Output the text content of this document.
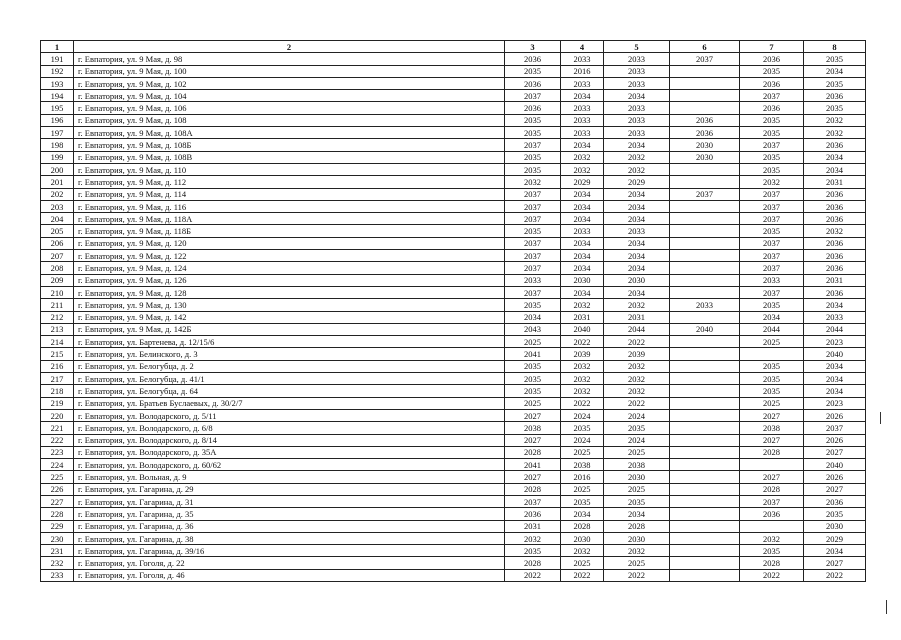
1	2	3	4	5	6	7	8
191	г. Евпатория, ул. 9 Мая, д. 98	2036	2033	2033	2037	2036	2035
192	г. Евпатория, ул. 9 Мая, д. 100	2035	2016	2033		2035	2034
193	г. Евпатория, ул. 9 Мая, д. 102	2036	2033	2033		2036	2035
194	г. Евпатория, ул. 9 Мая, д. 104	2037	2034	2034		2037	2036
195	г. Евпатория, ул. 9 Мая, д. 106	2036	2033	2033		2036	2035
196	г. Евпатория, ул. 9 Мая, д. 108	2035	2033	2033	2036	2035	2032
197	г. Евпатория, ул. 9 Мая, д. 108А	2035	2033	2033	2036	2035	2032
198	г. Евпатория, ул. 9 Мая, д. 108Б	2037	2034	2034	2030	2037	2036
199	г. Евпатория, ул. 9 Мая, д. 108В	2035	2032	2032	2030	2035	2034
200	г. Евпатория, ул. 9 Мая, д. 110	2035	2032	2032		2035	2034
201	г. Евпатория, ул. 9 Мая, д. 112	2032	2029	2029		2032	2031
202	г. Евпатория, ул. 9 Мая, д. 114	2037	2034	2034	2037	2037	2036
203	г. Евпатория, ул. 9 Мая, д. 116	2037	2034	2034		2037	2036
204	г. Евпатория, ул. 9 Мая, д. 118А	2037	2034	2034		2037	2036
205	г. Евпатория, ул. 9 Мая, д. 118Б	2035	2033	2033		2035	2032
206	г. Евпатория, ул. 9 Мая, д. 120	2037	2034	2034		2037	2036
207	г. Евпатория, ул. 9 Мая, д. 122	2037	2034	2034		2037	2036
208	г. Евпатория, ул. 9 Мая, д. 124	2037	2034	2034		2037	2036
209	г. Евпатория, ул. 9 Мая, д. 126	2033	2030	2030		2033	2031
210	г. Евпатория, ул. 9 Мая, д. 128	2037	2034	2034		2037	2036
211	г. Евпатория, ул. 9 Мая, д. 130	2035	2032	2032	2033	2035	2034
212	г. Евпатория, ул. 9 Мая, д. 142	2034	2031	2031		2034	2033
213	г. Евпатория, ул. 9 Мая, д. 142Б	2043	2040	2044	2040	2044	2044
214	г. Евпатория, ул. Бартенева, д. 12/15/6	2025	2022	2022		2025	2023
215	г. Евпатория, ул. Белинского, д. 3	2041	2039	2039			2040
216	г. Евпатория, ул. Белогубца, д. 2	2035	2032	2032		2035	2034
217	г. Евпатория, ул. Белогубца, д. 41/1	2035	2032	2032		2035	2034
218	г. Евпатория, ул. Белогубца, д. 64	2035	2032	2032		2035	2034
219	г. Евпатория, ул. Братьев Буслаевых, д. 30/2/7	2025	2022	2022		2025	2023
220	г. Евпатория, ул. Володарского, д. 5/11	2027	2024	2024		2027	2026
221	г. Евпатория, ул. Володарского, д. 6/8	2038	2035	2035		2038	2037
222	г. Евпатория, ул. Володарского, д. 8/14	2027	2024	2024		2027	2026
223	г. Евпатория, ул. Володарского, д. 35А	2028	2025	2025		2028	2027
224	г. Евпатория, ул. Володарского, д. 60/62	2041	2038	2038			2040
225	г. Евпатория, ул. Вольная, д. 9	2027	2016	2030		2027	2026
226	г. Евпатория, ул. Гагарина, д. 29	2028	2025	2025		2028	2027
227	г. Евпатория, ул. Гагарина, д. 31	2037	2035	2035		2037	2036
228	г. Евпатория, ул. Гагарина, д. 35	2036	2034	2034		2036	2035
229	г. Евпатория, ул. Гагарина, д. 36	2031	2028	2028			2030
230	г. Евпатория, ул. Гагарина, д. 38	2032	2030	2030		2032	2029
231	г. Евпатория, ул. Гагарина, д. 39/16	2035	2032	2032		2035	2034
232	г. Евпатория, ул. Гоголя, д. 22	2028	2025	2025		2028	2027
233	г. Евпатория, ул. Гоголя, д. 46	2022	2022	2022		2022	2022
